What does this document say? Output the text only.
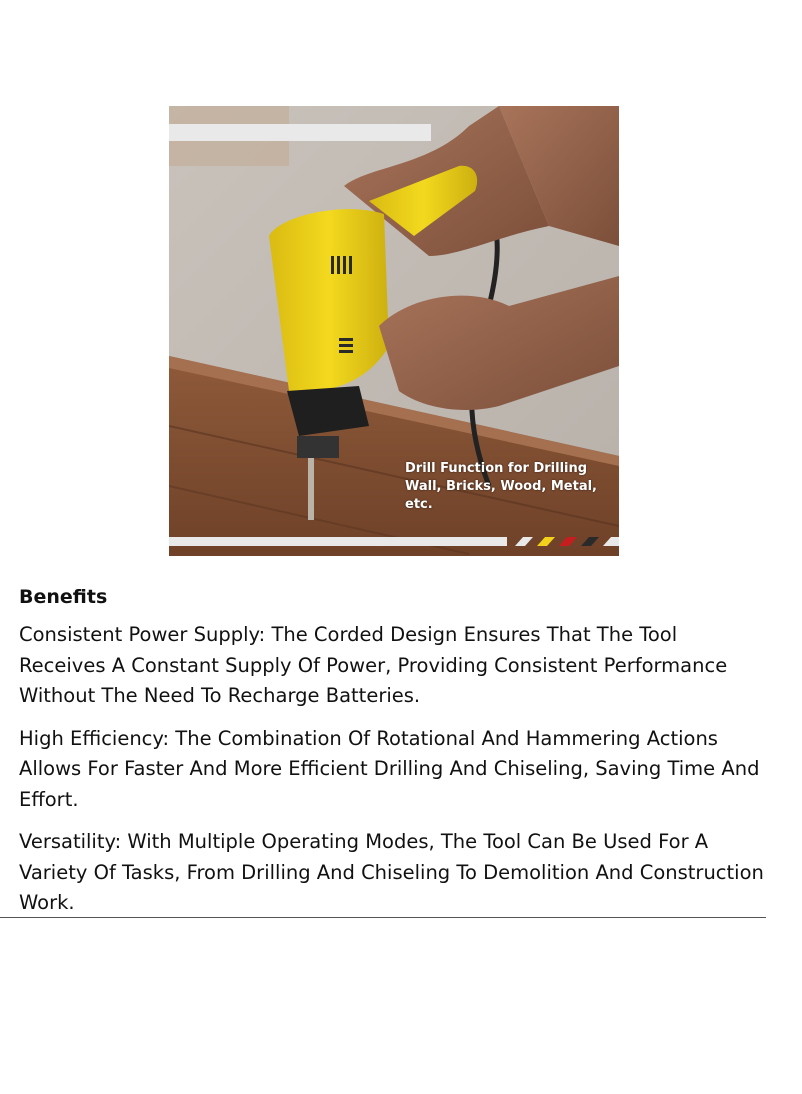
Drill Function for Drilling
Wall, Bricks, Wood, Metal,
etc.
Benefits

Consistent Power Supply: The Corded Design Ensures That The Tool Receives A Constant Supply Of Power, Providing Consistent Performance Without The Need To Recharge Batteries.

High Efficiency: The Combination Of Rotational And Hammering Actions Allows For Faster And More Efficient Drilling And Chiseling, Saving Time And Effort.

Versatility: With Multiple Operating Modes, The Tool Can Be Used For A Variety Of Tasks, From Drilling And Chiseling To Demolition And Construction Work.
